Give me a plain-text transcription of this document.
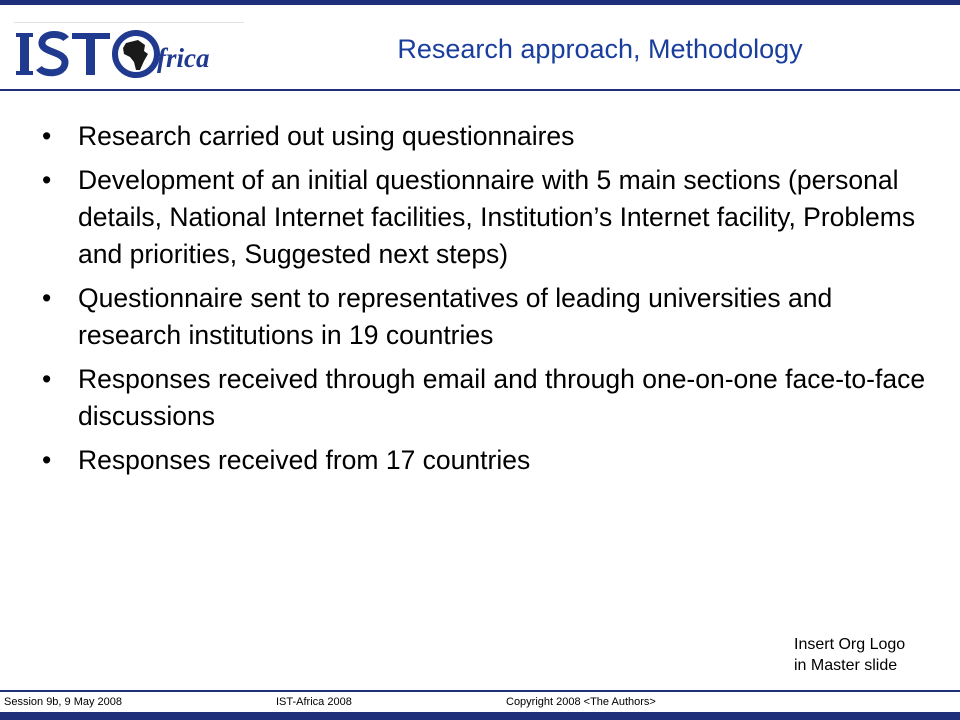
frica	Research approach, Methodology
•	Research carried out using questionnaires
•	Development of an initial questionnaire with 5 main sections (personal details, National Internet facilities, Institution’s Internet facility, Problems and priorities, Suggested next steps)
•	Questionnaire sent to representatives of leading universities and research institutions in 19 countries
•	Responses received through email and through one-on-one face-to-face discussions
•	Responses received from 17 countries
Insert Org Logo
in Master slide
Session 9b, 9 May 2008	IST-Africa 2008	Copyright 2008 <The Authors>
